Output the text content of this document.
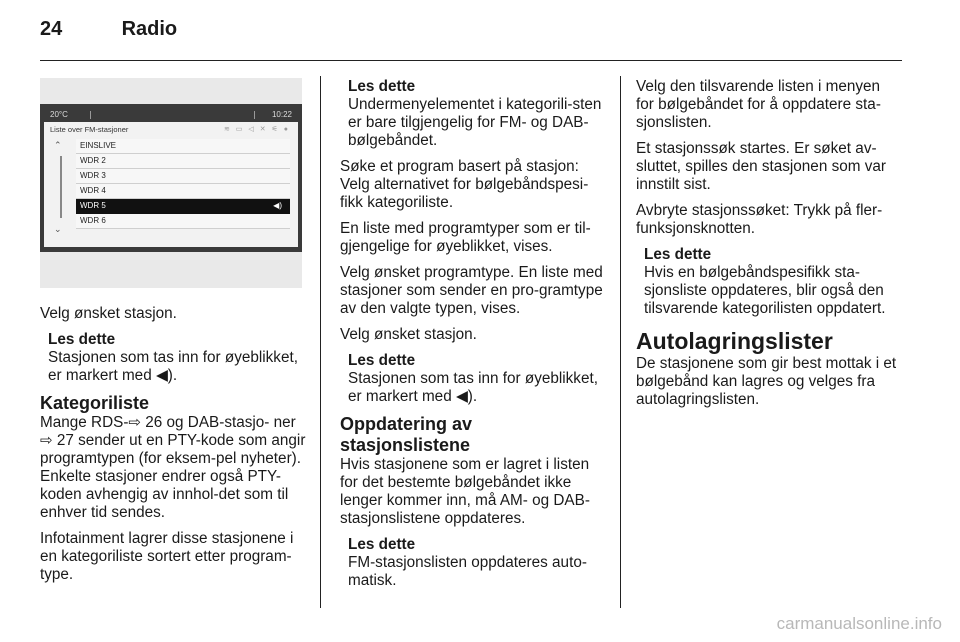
24	Radio
20°C	10:22
Liste over FM-stasjoner	≋ ▭ ◁ ✕ ⚟ ●
⌃
⌄
EINSLIVE
WDR 2
WDR 3
WDR 4
WDR 5	◀)
WDR 6

Velg ønsket stasjon.

Les dette

Stasjonen som tas inn for øyeblikket, er markert med ◀).

Kategoriliste

Mange RDS-⇨ 26 og DAB-stasjo- ner ⇨ 27 sender ut en PTY-kode som angir programtypen (for eksem-pel nyheter). Enkelte stasjoner endrer også PTY-koden avhengig av innhol-det som til enhver tid sendes.

Infotainment lagrer disse stasjonene i en kategoriliste sortert etter program-type.

Les dette

Undermenyelementet i kategorili-sten er bare tilgjengelig for FM- og DAB-bølgebåndet.

Søke et program basert på stasjon: Velg alternativet for bølgebåndspesi-fikk kategoriliste.

En liste med programtyper som er til-gjengelige for øyeblikket, vises.

Velg ønsket programtype. En liste med stasjoner som sender en pro-gramtype av den valgte typen, vises.

Velg ønsket stasjon.

Les dette

Stasjonen som tas inn for øyeblikket, er markert med ◀).

Oppdatering av stasjonslistene

Hvis stasjonene som er lagret i listen for det bestemte bølgebåndet ikke lenger kommer inn, må AM- og DAB-stasjonslistene oppdateres.

Les dette

FM-stasjonslisten oppdateres auto-matisk.

Velg den tilsvarende listen i menyen for bølgebåndet for å oppdatere sta-sjonslisten.

Et stasjonssøk startes. Er søket av-sluttet, spilles den stasjonen som var innstilt sist.

Avbryte stasjonssøket: Trykk på fler-funksjonsknotten.

Les dette

Hvis en bølgebåndspesifikk sta-sjonsliste oppdateres, blir også den tilsvarende kategorilisten oppdatert.

Autolagringslister

De stasjonene som gir best mottak i et bølgebånd kan lagres og velges fra autolagringslisten.

carmanualsonline.info
